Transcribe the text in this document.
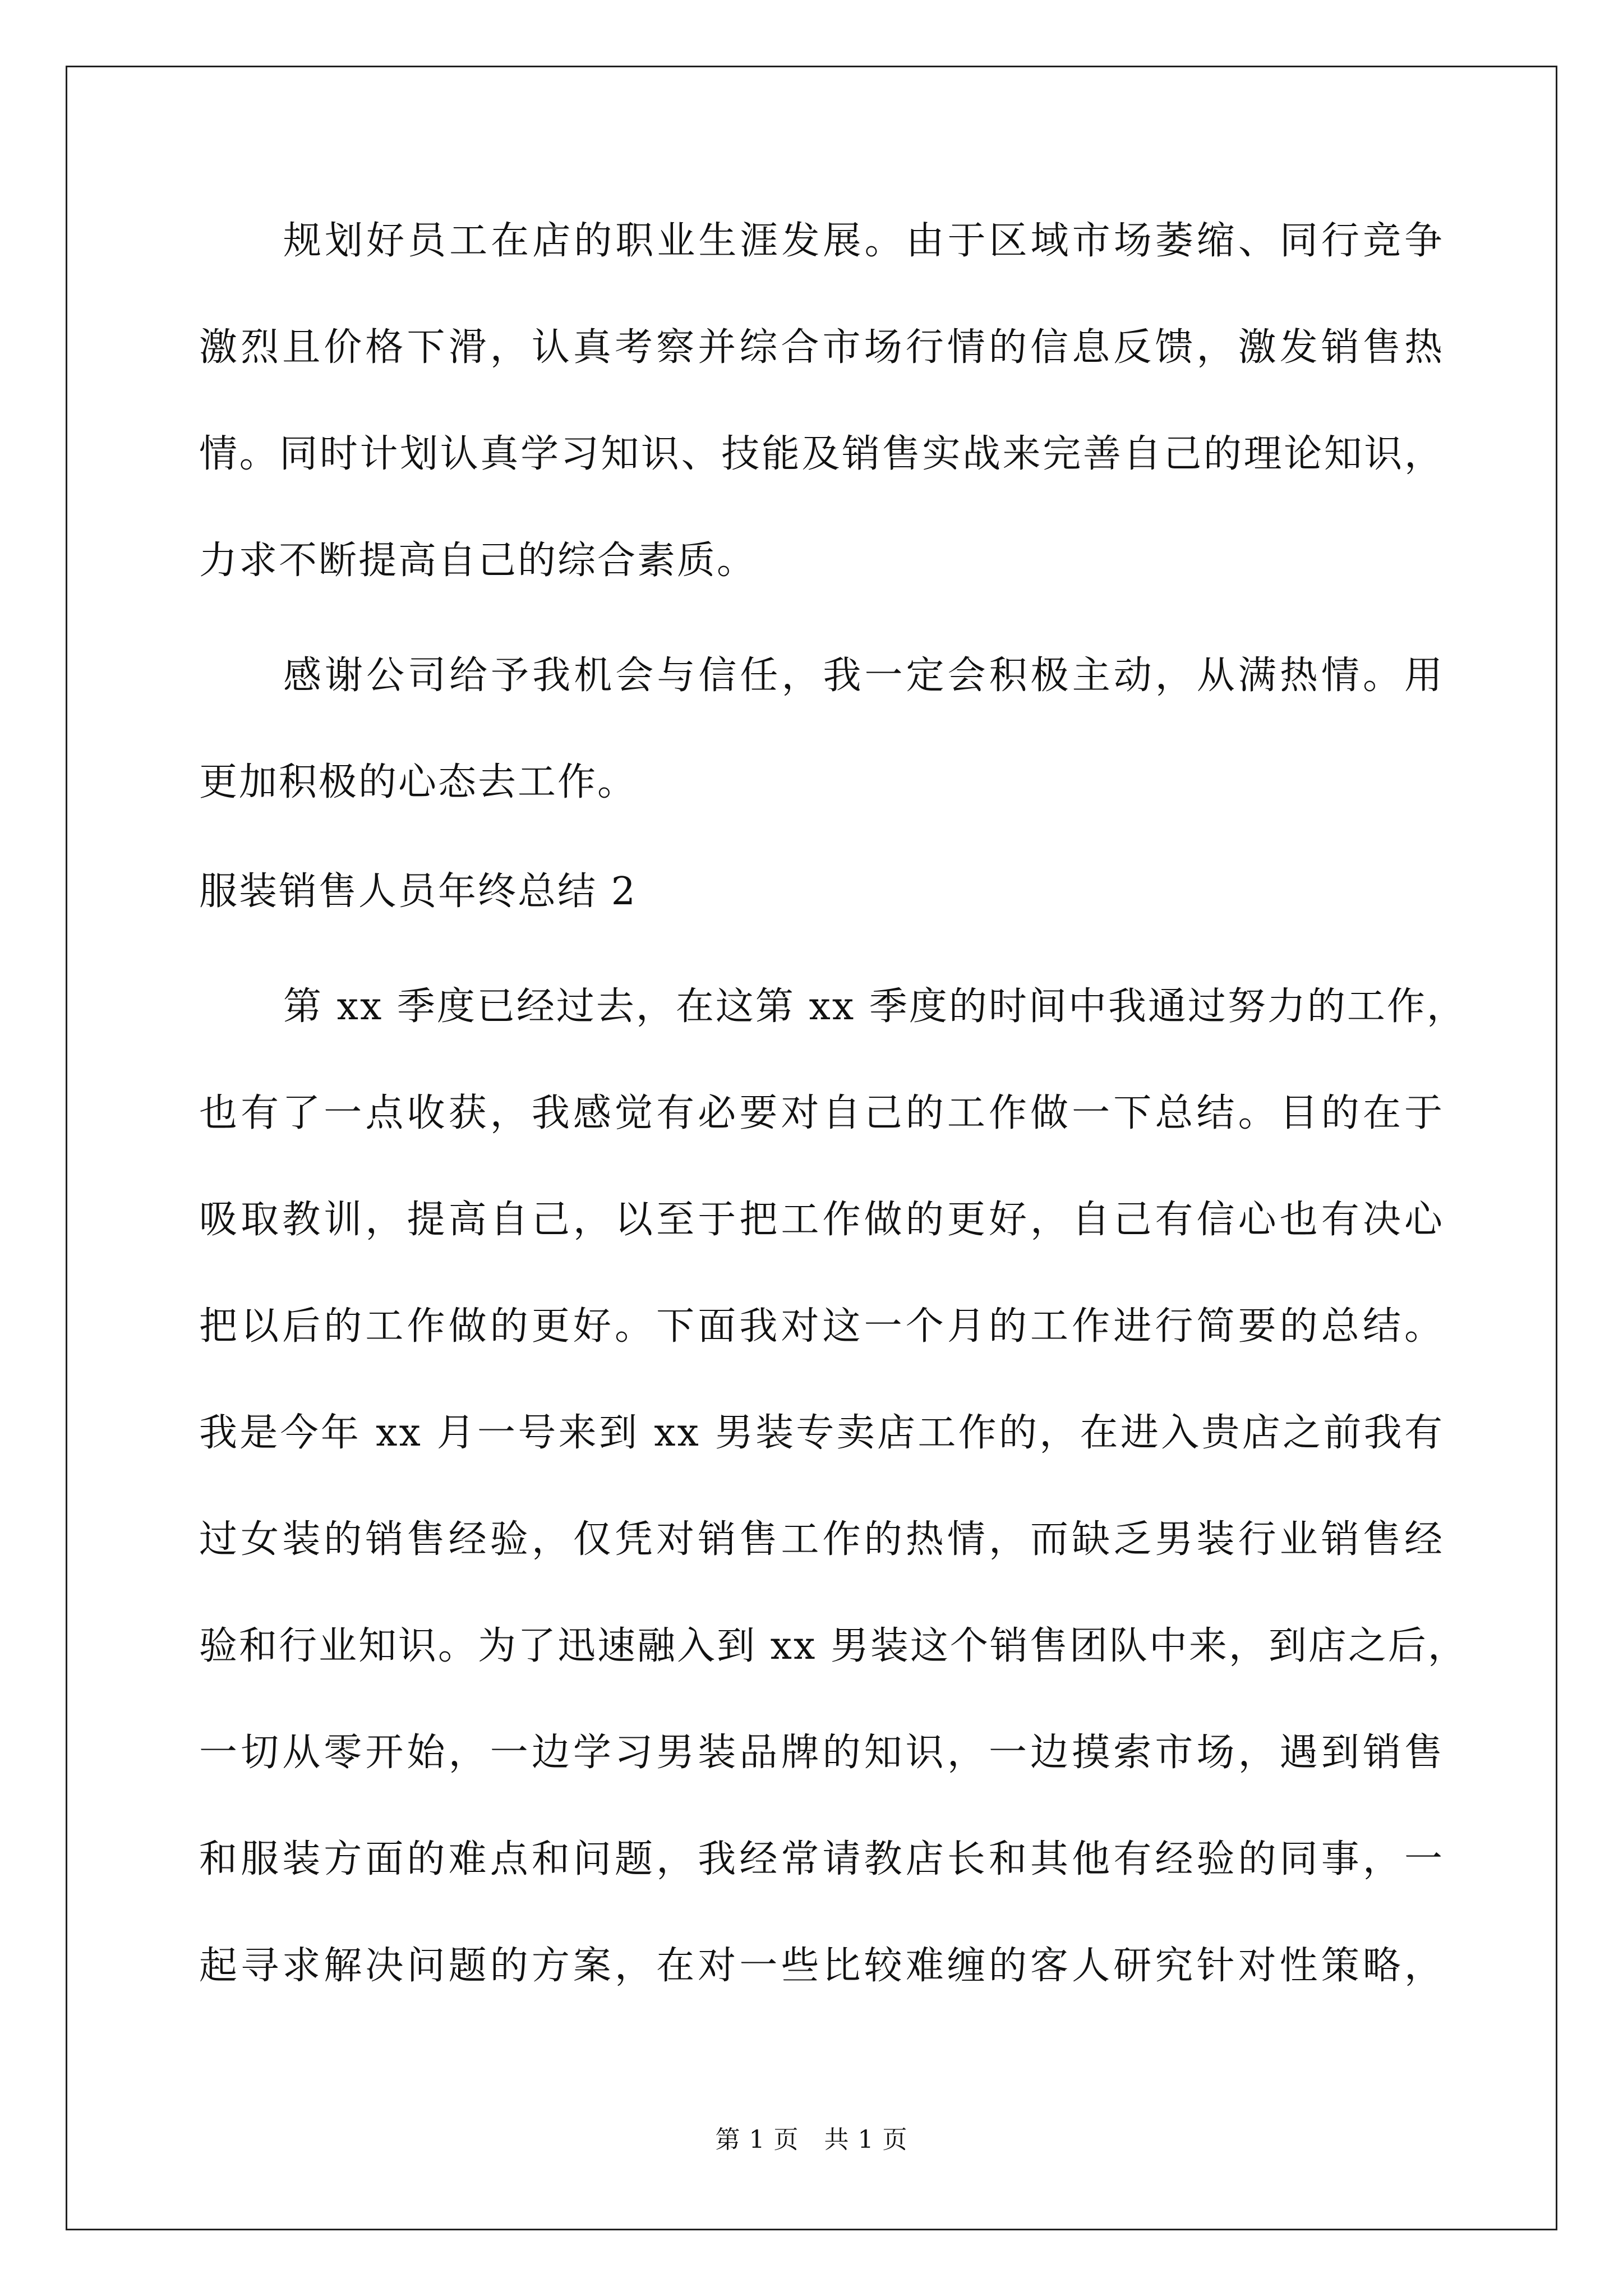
规划好员工在店的职业生涯发展。由于区域市场萎缩、同行竞争
激烈且价格下滑，认真考察并综合市场行情的信息反馈，激发销售热
情。同时计划认真学习知识、技能及销售实战来完善自己的理论知识，
力求不断提高自己的综合素质。
感谢公司给予我机会与信任，我一定会积极主动，从满热情。用
更加积极的心态去工作。
服装销售人员年终总结 2
第 xx 季度已经过去，在这第 xx 季度的时间中我通过努力的工作，
也有了一点收获，我感觉有必要对自己的工作做一下总结。目的在于
吸取教训，提高自己，以至于把工作做的更好，自己有信心也有决心
把以后的工作做的更好。下面我对这一个月的工作进行简要的总结。
我是今年 xx 月一号来到 xx 男装专卖店工作的，在进入贵店之前我有
过女装的销售经验，仅凭对销售工作的热情，而缺乏男装行业销售经
验和行业知识。为了迅速融入到 xx 男装这个销售团队中来，到店之后，
一切从零开始，一边学习男装品牌的知识，一边摸索市场，遇到销售
和服装方面的难点和问题，我经常请教店长和其他有经验的同事，一
起寻求解决问题的方案，在对一些比较难缠的客人研究针对性策略，
第 1 页　共 1 页
